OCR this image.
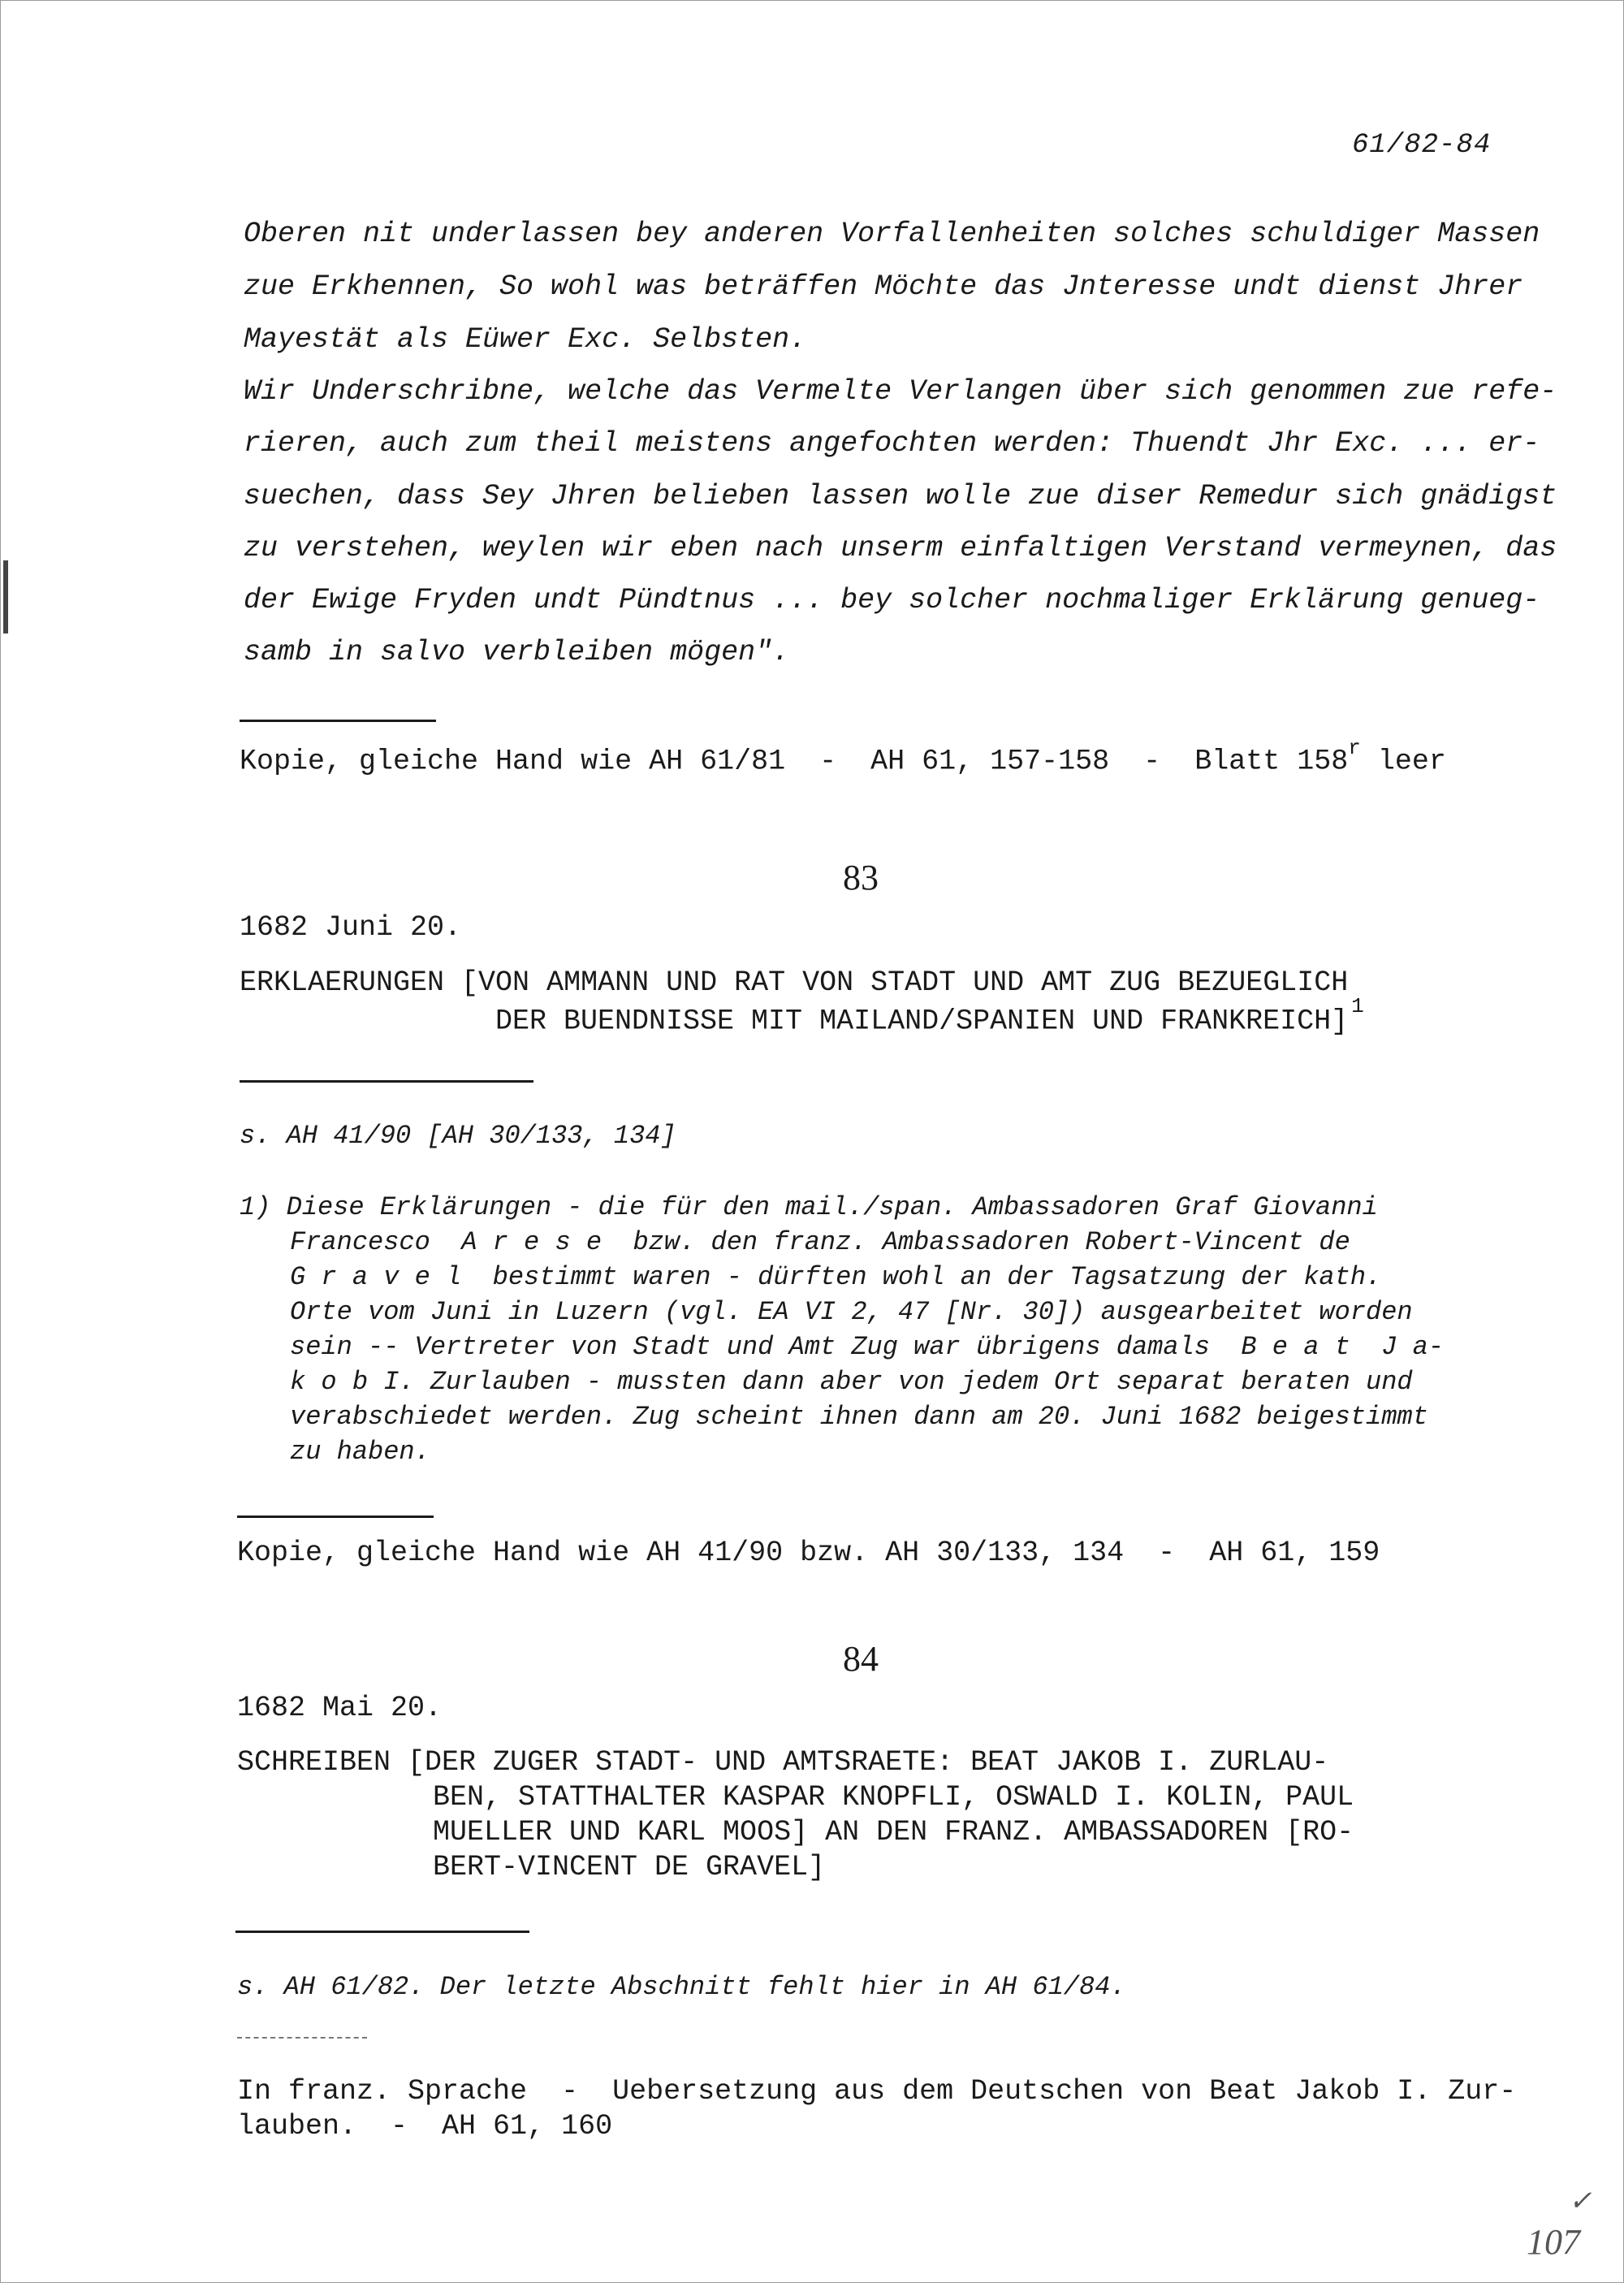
61/82-84
Oberen nit underlassen bey anderen Vorfallenheiten solches schuldiger Massen
zue Erkhennen, So wohl was beträffen Möchte das Jnteresse undt dienst Jhrer
Mayestät als Eüwer Exc. Selbsten.
Wir Underschribne, welche das Vermelte Verlangen über sich genommen zue refe-
rieren, auch zum theil meistens angefochten werden: Thuendt Jhr Exc. ... er-
suechen, dass Sey Jhren belieben lassen wolle zue diser Remedur sich gnädigst
zu verstehen, weylen wir eben nach unserm einfaltigen Verstand vermeynen, das
der Ewige Fryden undt Pündtnus ... bey solcher nochmaliger Erklärung genueg-
samb in salvo verbleiben mögen".
Kopie, gleiche Hand wie AH 61/81  -  AH 61, 157-158  -  Blatt 158$^r$ leer
83
1682 Juni 20.
ERKLAERUNGEN [VON AMMANN UND RAT VON STADT UND AMT ZUG BEZUEGLICH
DER BUENDNISSE MIT MAILAND/SPANIEN UND FRANKREICH] $^1$
s. AH 41/90 [AH 30/133, 134]
1) Diese Erklärungen - die für den mail./span. Ambassadoren Graf Giovanni
Francesco  A r e s e  bzw. den franz. Ambassadoren Robert-Vincent de
G r a v e l  bestimmt waren - dürften wohl an der Tagsatzung der kath.
Orte vom Juni in Luzern (vgl. EA VI 2, 47 [Nr. 30]) ausgearbeitet worden
sein -- Vertreter von Stadt und Amt Zug war übrigens damals  B e a t  J a-
k o b I. Zurlauben - mussten dann aber von jedem Ort separat beraten und
verabschiedet werden. Zug scheint ihnen dann am 20. Juni 1682 beigestimmt
zu haben.
Kopie, gleiche Hand wie AH 41/90 bzw. AH 30/133, 134  -  AH 61, 159
84
1682 Mai 20.
SCHREIBEN [DER ZUGER STADT- UND AMTSRAETE: BEAT JAKOB I. ZURLAU-
BEN, STATTHALTER KASPAR KNOPFLI, OSWALD I. KOLIN, PAUL
MUELLER UND KARL MOOS] AN DEN FRANZ. AMBASSADOREN [RO-
BERT-VINCENT DE GRAVEL]
s. AH 61/82. Der letzte Abschnitt fehlt hier in AH 61/84.
In franz. Sprache  -  Uebersetzung aus dem Deutschen von Beat Jakob I. Zur-
lauben.  -  AH 61, 160
✓
107
